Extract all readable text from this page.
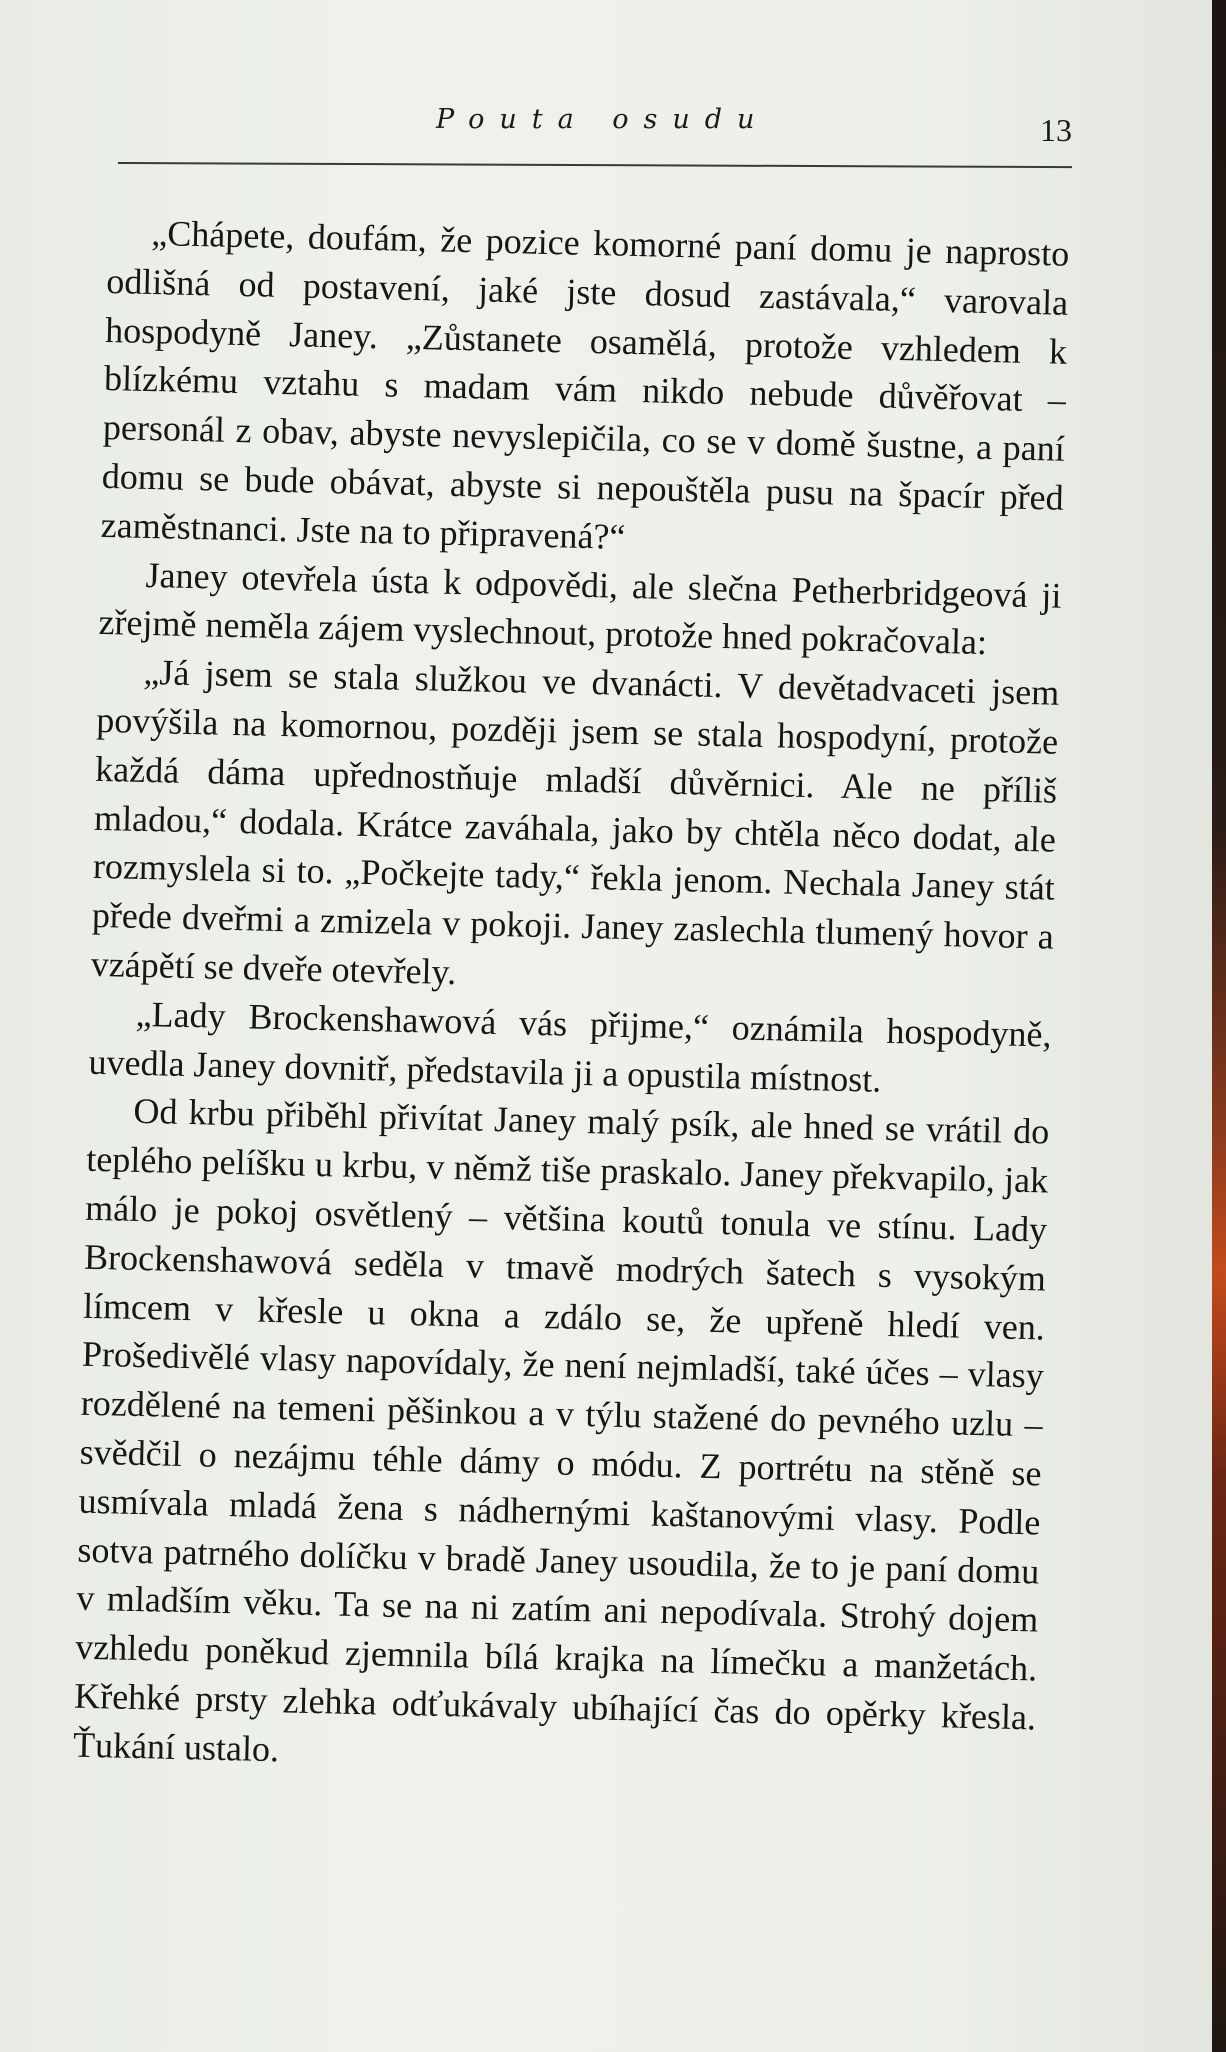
Pouta osudu	13

„Chápete, doufám, že pozice komorné paní domu je naprosto odlišná od postavení, jaké jste dosud zastávala,“ varovala hospodyně Janey. „Zůstanete osamělá, protože vzhledem k blízkému vztahu s madam vám nikdo nebude důvěřovat – personál z obav, abyste nevyslepičila, co se v domě šustne, a paní domu se bude obávat, abyste si nepouštěla pusu na špacír před zaměstnanci. Jste na to připravená?“

Janey otevřela ústa k odpovědi, ale slečna Petherbridgeová ji zřejmě neměla zájem vyslechnout, protože hned pokračovala:

„Já jsem se stala služkou ve dvanácti. V devětadvaceti jsem povýšila na komornou, později jsem se stala hospodyní, protože každá dáma upřednostňuje mladší důvěrnici. Ale ne příliš mladou,“ dodala. Krátce zaváhala, jako by chtěla něco dodat, ale rozmyslela si to. „Počkejte tady,“ řekla jenom. Nechala Janey stát přede dveřmi a zmizela v pokoji. Janey zaslechla tlumený hovor a vzápětí se dveře otevřely.

„Lady Brockenshawová vás přijme,“ oznámila hospodyně, uvedla Janey dovnitř, představila ji a opustila místnost.

Od krbu přiběhl přivítat Janey malý psík, ale hned se vrátil do teplého pelíšku u krbu, v němž tiše praskalo. Janey překvapilo, jak málo je pokoj osvětlený – většina koutů tonula ve stínu. Lady Brockenshawová seděla v tmavě modrých šatech s vysokým límcem v křesle u okna a zdálo se, že upřeně hledí ven. Prošedivělé vlasy napovídaly, že není nejmladší, také účes – vlasy rozdělené na temeni pěšinkou a v týlu stažené do pevného uzlu – svědčil o nezájmu téhle dámy o módu. Z portrétu na stěně se usmívala mladá žena s nádhernými kaštanovými vlasy. Podle sotva patrného dolíčku v bradě Janey usoudila, že to je paní domu v mladším věku. Ta se na ni zatím ani nepodívala. Strohý dojem vzhledu poněkud zjemnila bílá krajka na límečku a manžetách. Křehké prsty zlehka odťukávaly ubíhající čas do opěrky křesla. Ťukání ustalo.
